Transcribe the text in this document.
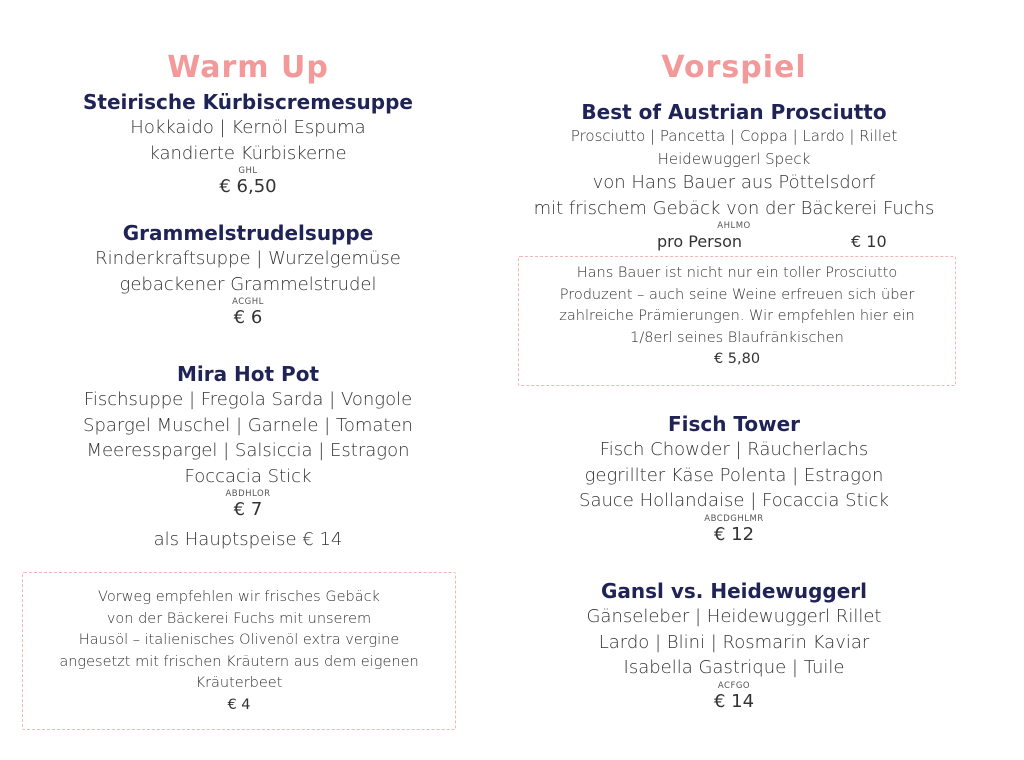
Warm Up
Steirische Kürbiscremesuppe
Hokkaido | Kernöl Espuma
kandierte Kürbiskerne
GHL
€ 6,50
Grammelstrudelsuppe
Rinderkraftsuppe | Wurzelgemüse
gebackener Grammelstrudel
ACGHL
€ 6
Mira Hot Pot
Fischsuppe | Fregola Sarda | Vongole
Spargel Muschel | Garnele | Tomaten
Meeresspargel | Salsiccia | Estragon
Foccacia Stick
ABDHLOR
€ 7
als Hauptspeise € 14
Vorweg empfehlen wir frisches Gebäck
von der Bäckerei Fuchs mit unserem
Hausöl – italienisches Olivenöl extra vergine
angesetzt mit frischen Kräutern aus dem eigenen
Kräuterbeet
€ 4
Vorspiel
Best of Austrian Prosciutto
Prosciutto | Pancetta | Coppa | Lardo | Rillet
Heidewuggerl Speck
von Hans Bauer aus Pöttelsdorf
mit frischem Gebäck von der Bäckerei Fuchs
AHLMO
pro Person	€ 10
Hans Bauer ist nicht nur ein toller Prosciutto
Produzent – auch seine Weine erfreuen sich über
zahlreiche Prämierungen. Wir empfehlen hier ein
1/8erl seines Blaufränkischen
€ 5,80
Fisch Tower
Fisch Chowder | Räucherlachs
gegrillter Käse Polenta | Estragon
Sauce Hollandaise | Focaccia Stick
ABCDGHLMR
€ 12
Gansl vs. Heidewuggerl
Gänseleber | Heidewuggerl Rillet
Lardo | Blini | Rosmarin Kaviar
Isabella Gastrique | Tuile
ACFGO
€ 14
